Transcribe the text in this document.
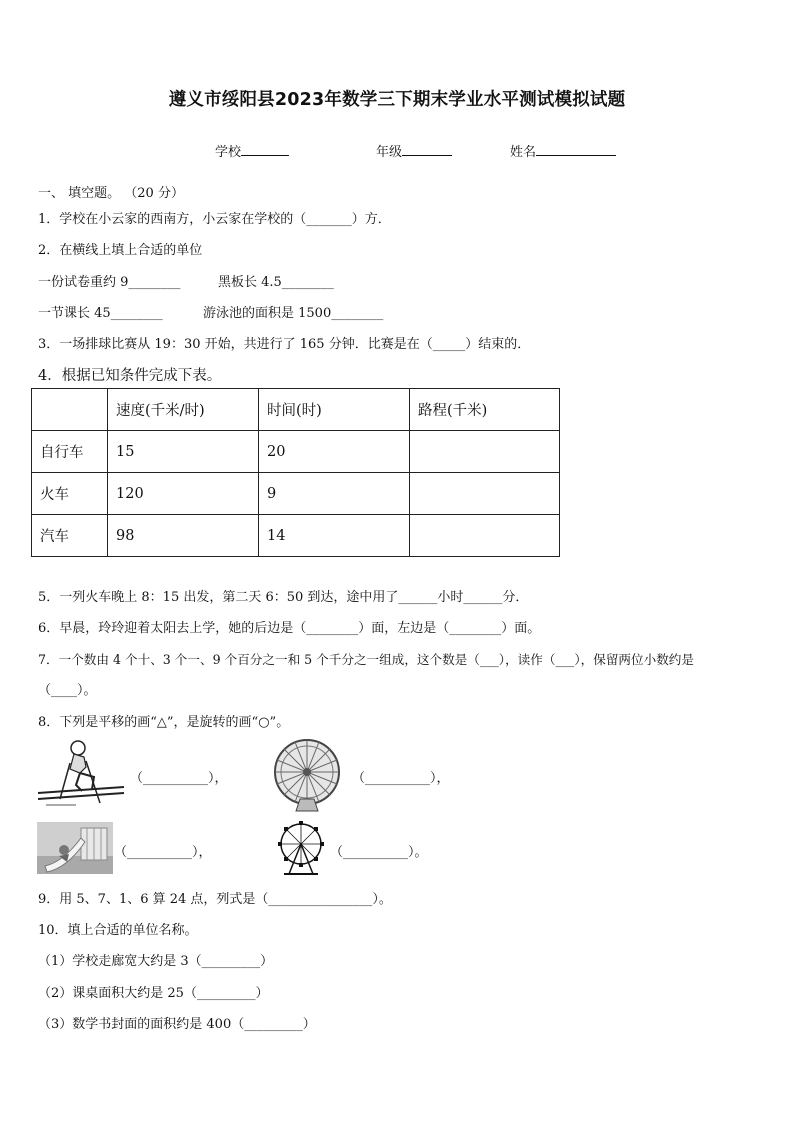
遵义市绥阳县2023年数学三下期末学业水平测试模拟试题
学校	年级	姓名
一、 填空题。 （20 分）
1．学校在小云家的西南方，小云家在学校的（_______）方．
2．在横线上填上合适的单位
一份试卷重约 9________	黑板长 4.5________
一节课长 45________	游泳池的面积是 1500________
3．一场排球比赛从 19：30 开始，共进行了 165 分钟．比赛是在（_____）结束的．
4．根据已知条件完成下表。
	速度(千米/时)	时间(时)	路程(千米)
自行车	15	20	
火车	120	9	
汽车	98	14	
5．一列火车晚上 8：15 出发，第二天 6：50 到达，途中用了______小时______分．
6．早晨，玲玲迎着太阳去上学，她的后边是（________）面，左边是（________）面。
7．一个数由 4 个十、3 个一、9 个百分之一和 5 个千分之一组成，这个数是（___），读作（___），保留两位小数约是
（____）。
8．下列是平移的画“△”，是旋转的画“○”。
（__________），	（__________），
（__________），	（__________）。
9．用 5、7、1、6 算 24 点，列式是（________________）。
10．填上合适的单位名称。
（1）学校走廊宽大约是 3（_________）
（2）课桌面积大约是 25（_________）
（3）数学书封面的面积约是 400（_________）
